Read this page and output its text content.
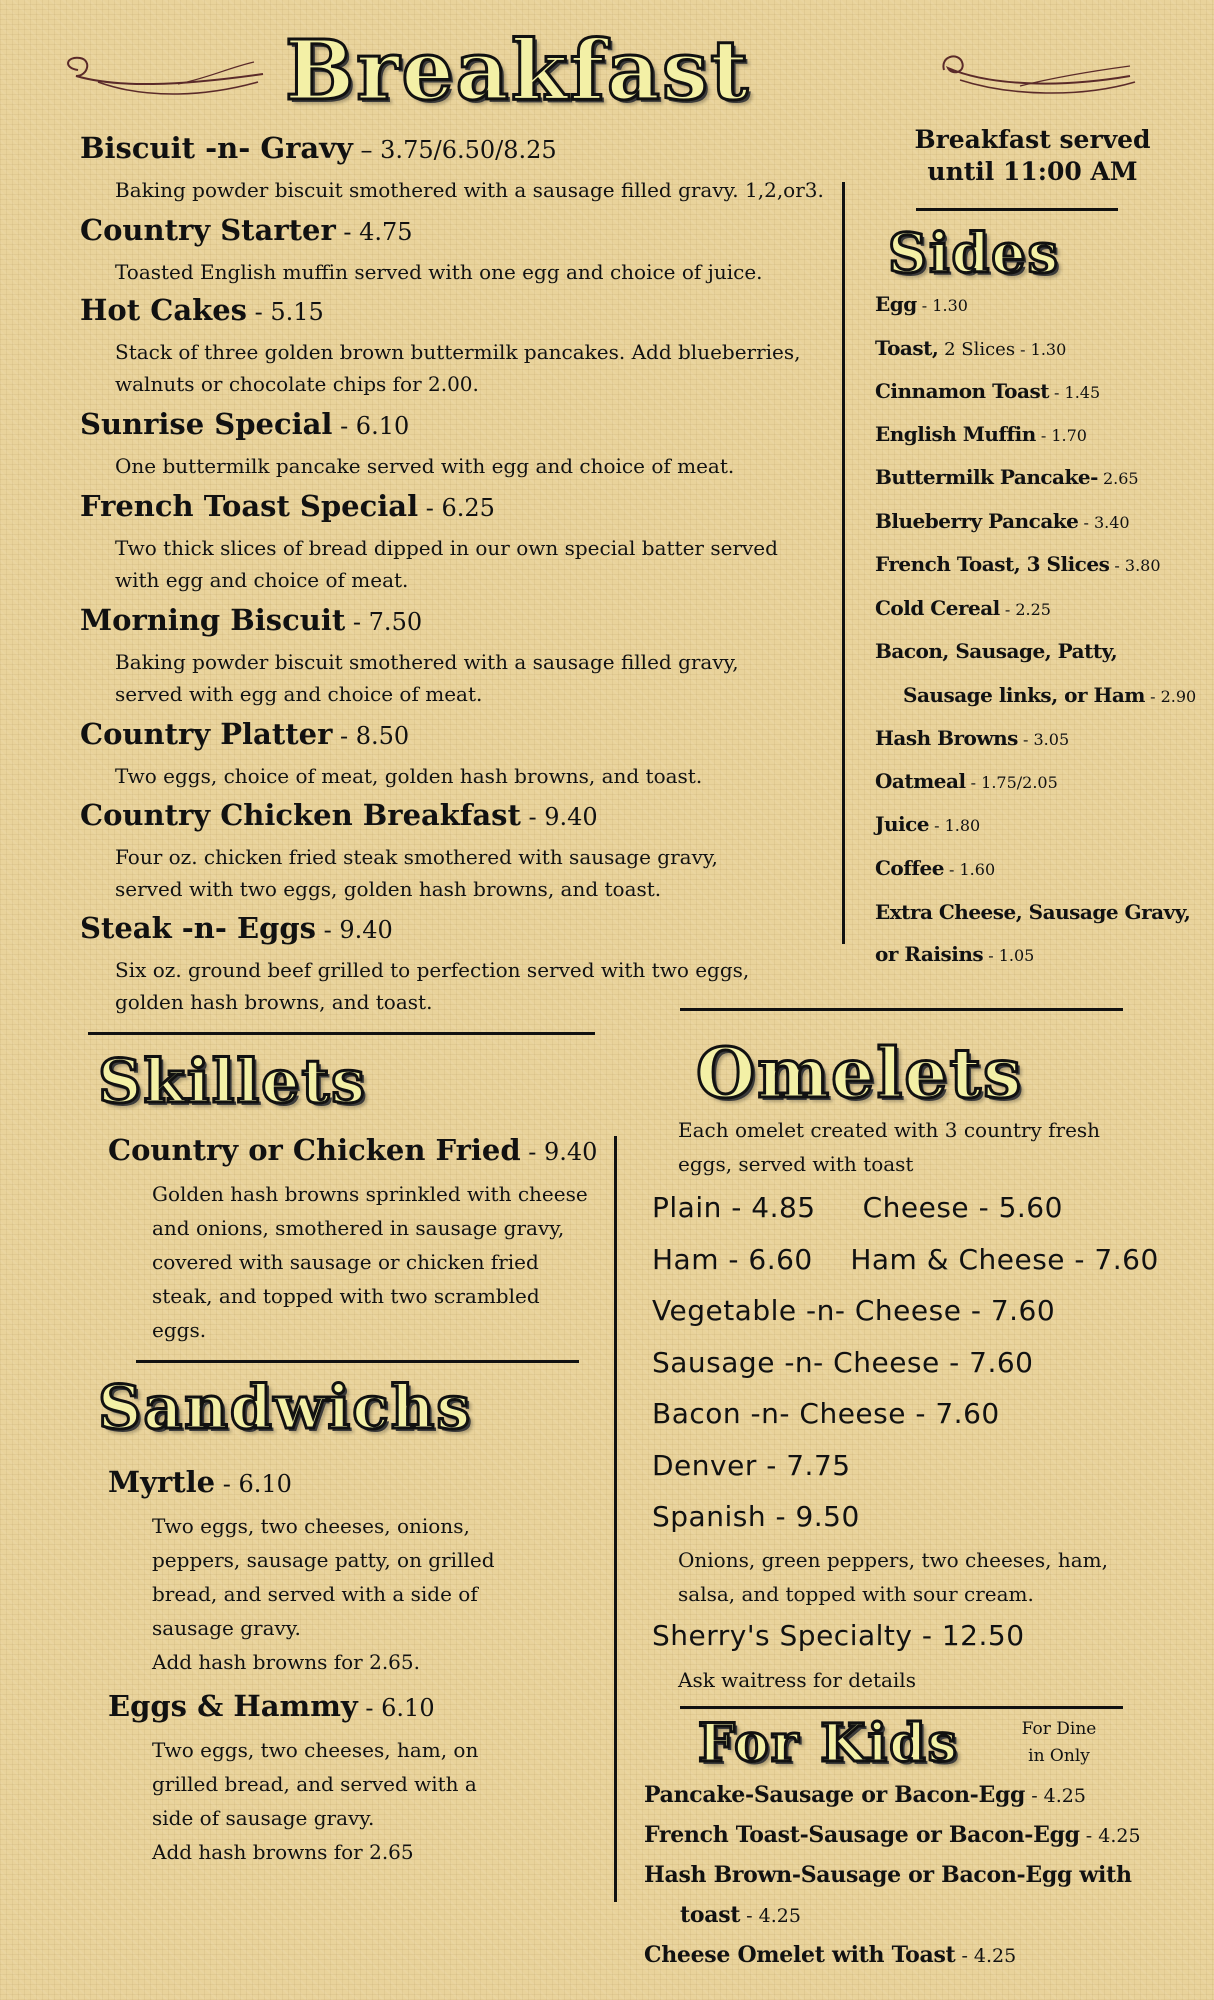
Breakfast
Breakfast served
until 11:00 AM
Sides
Biscuit -n- Gravy – 3.75/6.50/8.25
Baking powder biscuit smothered with a sausage filled gravy. 1,2,or3.
Country Starter - 4.75
Toasted English muffin served with one egg and choice of juice.
Hot Cakes - 5.15
Stack of three golden brown buttermilk pancakes. Add blueberries,
walnuts or chocolate chips for 2.00.
Sunrise Special - 6.10
One buttermilk pancake served with egg and choice of meat.
French Toast Special - 6.25
Two thick slices of bread dipped in our own special batter served
with egg and choice of meat.
Morning Biscuit - 7.50
Baking powder biscuit smothered with a sausage filled gravy,
served with egg and choice of meat.
Country Platter - 8.50
Two eggs, choice of meat, golden hash browns, and toast.
Country Chicken Breakfast - 9.40
Four oz. chicken fried steak smothered with sausage gravy,
served with two eggs, golden hash browns, and toast.
Steak -n- Eggs - 9.40
Six oz. ground beef grilled to perfection served with two eggs,
golden hash browns, and toast.
Egg - 1.30
Toast, 2 Slices - 1.30
Cinnamon Toast - 1.45
English Muffin - 1.70
Buttermilk Pancake- 2.65
Blueberry Pancake - 3.40
French Toast, 3 Slices - 3.80
Cold Cereal - 2.25
Bacon, Sausage, Patty,
Sausage links, or Ham - 2.90
Hash Browns - 3.05
Oatmeal - 1.75/2.05
Juice - 1.80
Coffee - 1.60
Extra Cheese, Sausage Gravy,
or Raisins - 1.05
Skillets
Country or Chicken Fried - 9.40
Golden hash browns sprinkled with cheese
and onions, smothered in sausage gravy,
covered with sausage or chicken fried
steak, and topped with two scrambled
eggs.
Sandwichs
Myrtle - 6.10
Two eggs, two cheeses, onions,
peppers, sausage patty, on grilled
bread, and served with a side of
sausage gravy.
Add hash browns for 2.65.
Eggs & Hammy - 6.10
Two eggs, two cheeses, ham, on
grilled bread, and served with a
side of sausage gravy.
Add hash browns for 2.65
Omelets
Each omelet created with 3 country fresh
eggs, served with toast
Plain - 4.85     Cheese - 5.60
Ham - 6.60    Ham & Cheese - 7.60
Vegetable -n- Cheese - 7.60
Sausage -n- Cheese - 7.60
Bacon -n- Cheese - 7.60
Denver - 7.75
Spanish - 9.50
Onions, green peppers, two cheeses, ham,
salsa, and topped with sour cream.
Sherry's Specialty - 12.50
Ask waitress for details
For Kids	For Dine
in Only
Pancake-Sausage or Bacon-Egg - 4.25
French Toast-Sausage or Bacon-Egg - 4.25
Hash Brown-Sausage or Bacon-Egg with
toast - 4.25
Cheese Omelet with Toast - 4.25
